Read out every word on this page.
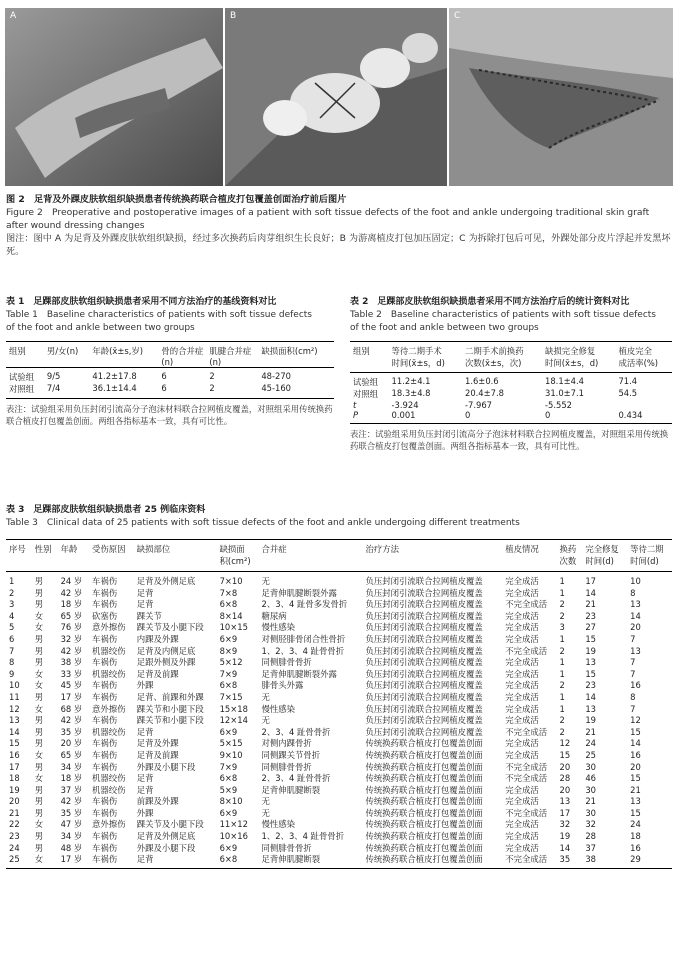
A	B	C
图 2　足背及外踝皮肤软组织缺损患者传统换药联合植皮打包覆盖创面治疗前后图片
Figure 2　Preoperative and postoperative images of a patient with soft tissue defects of the foot and ankle undergoing traditional skin graft after wound dressing changes
图注：图中 A 为足背及外踝皮肤软组织缺损，经过多次换药后肉芽组织生长良好；B 为游离植皮打包加压固定；C 为拆除打包后可见，外踝处部分皮片浮起并发黑坏死。
表 1　足踝部皮肤软组织缺损患者采用不同方法治疗的基线资料对比
Table 1　Baseline characteristics of patients with soft tissue defects
of the foot and ankle between two groups
组别	男/女(n)	年龄(x̄±s,岁)	骨的合并症(n)	肌腱合并症(n)	缺损面积(cm²)
试验组	9/5	41.2±17.8	6	2	48-270
对照组	7/4	36.1±14.4	6	2	45-160
表注：试验组采用负压封闭引流高分子泡沫材料联合拉网植皮覆盖，对照组采用传统换药联合植皮打包覆盖创面。两组各指标基本一致，具有可比性。
表 2　足踝部皮肤软组织缺损患者采用不同方法治疗后的统计资料对比
Table 2　Baseline characteristics of patients with soft tissue defects
of the foot and ankle between two groups
组别	等待二期手术	二期手术前换药	缺损完全修复	植皮完全
	时间(x̄±s，d)	次数(x̄±s，次)	时间(x̄±s，d)	成活率(%)
试验组	11.2±4.1	1.6±0.6	18.1±4.4	71.4
对照组	18.3±4.8	20.4±7.8	31.0±7.1	54.5
t	-3.924	-7.967	-5.552	
P	0.001	0	0	0.434
表注：试验组采用负压封闭引流高分子泡沫材料联合拉网植皮覆盖，对照组采用传统换药联合植皮打包覆盖创面。两组各指标基本一致，具有可比性。
表 3　足踝部皮肤软组织缺损患者 25 例临床资料
Table 3　Clinical data of 25 patients with soft tissue defects of the foot and ankle undergoing different treatments
序号	性别	年龄	受伤原因	缺损部位	缺损面	合并症	治疗方法	植皮情况	换药	完全修复	等待二期
					积(cm²)				次数	时间(d)	时间(d)
1	男	24 岁	车祸伤	足背及外侧足底	7×10	无	负压封闭引流联合拉网植皮覆盖	完全成活	1	17	10
2	男	42 岁	车祸伤	足背	7×8	足背伸肌腱断裂外露	负压封闭引流联合拉网植皮覆盖	完全成活	1	14	8
3	男	18 岁	车祸伤	足背	6×8	2、3、4 趾骨多发骨折	负压封闭引流联合拉网植皮覆盖	不完全成活	2	21	13
4	女	65 岁	砍塞伤	踝关节	8×14	糖尿病	负压封闭引流联合拉网植皮覆盖	完全成活	2	23	14
5	女	76 岁	意外擦伤	踝关节及小腿下段	10×15	慢性感染	负压封闭引流联合拉网植皮覆盖	完全成活	3	27	20
6	男	32 岁	车祸伤	内踝及外踝	6×9	对侧胫腓骨闭合性骨折	负压封闭引流联合拉网植皮覆盖	完全成活	1	15	7
7	男	42 岁	机器绞伤	足背及内侧足底	8×9	1、2、3、4 趾骨骨折	负压封闭引流联合拉网植皮覆盖	不完全成活	2	19	13
8	男	38 岁	车祸伤	足跟外侧及外踝	5×12	同侧腓骨骨折	负压封闭引流联合拉网植皮覆盖	完全成活	1	13	7
9	女	33 岁	机器绞伤	足背及前踝	7×9	足背伸肌腱断裂外露	负压封闭引流联合拉网植皮覆盖	完全成活	1	15	7
10	女	45 岁	车祸伤	外踝	6×8	腓骨头外露	负压封闭引流联合拉网植皮覆盖	完全成活	2	23	16
11	男	17 岁	车祸伤	足背、前踝和外踝	7×15	无	负压封闭引流联合拉网植皮覆盖	完全成活	1	14	8
12	女	68 岁	意外擦伤	踝关节和小腿下段	15×18	慢性感染	负压封闭引流联合拉网植皮覆盖	完全成活	1	13	7
13	男	42 岁	车祸伤	踝关节和小腿下段	12×14	无	负压封闭引流联合拉网植皮覆盖	完全成活	2	19	12
14	男	35 岁	机器绞伤	足背	6×9	2、3、4 趾骨骨折	负压封闭引流联合拉网植皮覆盖	不完全成活	2	21	15
15	男	20 岁	车祸伤	足背及外踝	5×15	对侧内踝骨折	传统换药联合植皮打包覆盖创面	完全成活	12	24	14
16	女	65 岁	车祸伤	足背及前踝	9×10	同侧踝关节骨折	传统换药联合植皮打包覆盖创面	完全成活	15	25	16
17	男	34 岁	车祸伤	外踝及小腿下段	7×9	同侧腓骨骨折	传统换药联合植皮打包覆盖创面	不完全成活	20	30	20
18	女	18 岁	机器绞伤	足背	6×8	2、3、4 趾骨骨折	传统换药联合植皮打包覆盖创面	不完全成活	28	46	15
19	男	37 岁	机器绞伤	足背	5×9	足背伸肌腱断裂	传统换药联合植皮打包覆盖创面	完全成活	20	30	21
20	男	42 岁	车祸伤	前踝及外踝	8×10	无	传统换药联合植皮打包覆盖创面	完全成活	13	21	13
21	男	35 岁	车祸伤	外踝	6×9	无	传统换药联合植皮打包覆盖创面	不完全成活	17	30	15
22	女	47 岁	意外擦伤	踝关节及小腿下段	11×12	慢性感染	传统换药联合植皮打包覆盖创面	完全成活	32	32	24
23	男	34 岁	车祸伤	足背及外侧足底	10×16	1、2、3、4 趾骨骨折	传统换药联合植皮打包覆盖创面	完全成活	19	28	18
24	男	48 岁	车祸伤	外踝及小腿下段	6×9	同侧腓骨骨折	传统换药联合植皮打包覆盖创面	完全成活	14	37	16
25	女	17 岁	车祸伤	足背	6×8	足背伸肌腱断裂	传统换药联合植皮打包覆盖创面	不完全成活	35	38	29
